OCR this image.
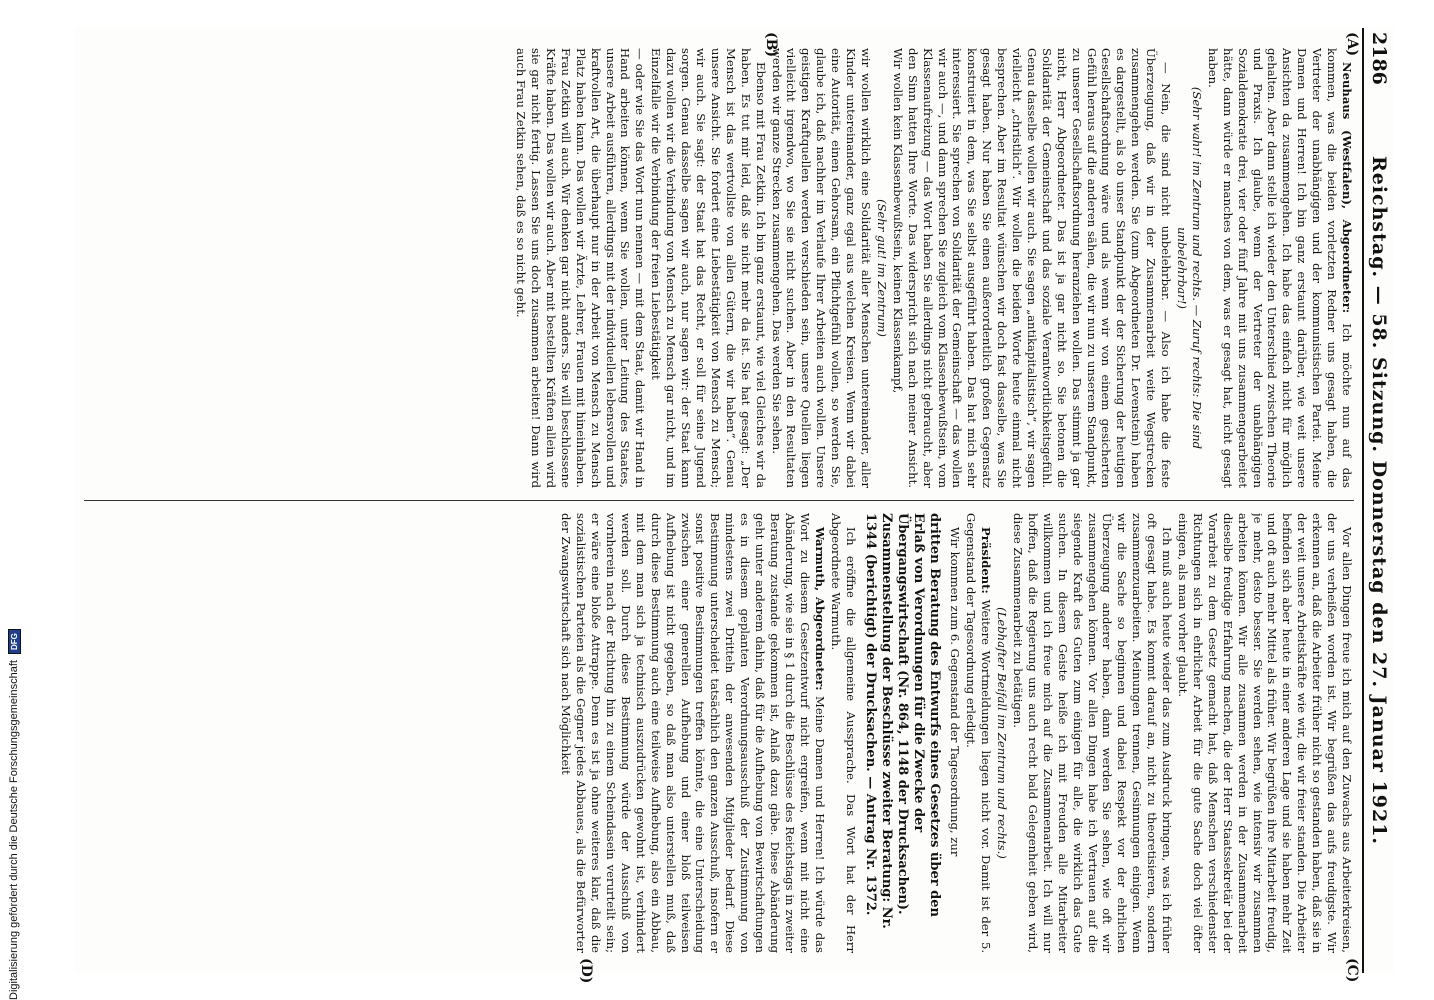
2186
Reichstag. — 58. Sitzung. Donnerstag den 27. Januar 1921.
(A)
(B)
(C)
(D)

Neuhaus (Westfalen), Abgeordneter: Ich möchte nun auf das kommen, was die beiden vorletzten Redner uns gesagt haben, die Vertreter der unabhängigen und der kommunistischen Partei. Meine Damen und Herren! Ich bin ganz erstaunt darüber, wie weit unsere Ansichten da zusammengehen. Ich habe das einfach nicht für möglich gehalten. Aber dann stelle ich wieder den Unterschied zwischen Theorie und Praxis. Ich glaube, wenn der Vertreter der unabhängigen Sozialdemokratie drei, vier oder fünf Jahre mit uns zusammengearbeitet hätte, dann würde er manches von dem, was er gesagt hat, nicht gesagt haben.

(Sehr wahr! im Zentrum und rechts. — Zuruf rechts: Die sind unbelehrbar!)

— Nein, die sind nicht unbelehrbar. — Also ich habe die feste Überzeugung, daß wir in der Zusammenarbeit weite Wegstrecken zusammengehen werden. Sie (zum Abgeordneten Dr. Levenstein) haben es dargestellt, als ob unser Standpunkt der der Sicherung der heutigen Gesellschaftsordnung wäre und als wenn wir von einem gesicherten Gefühl heraus auf die anderen sähen, die wir nun zu unserem Standpunkt, zu unserer Gesellschaftsordnung heranziehen wollen. Das stimmt ja gar nicht, Herr Abgeordneter. Das ist ja gar nicht so. Sie betonen die Solidarität der Gemeinschaft und das soziale Verantwortlichkeitsgefühl. Genau dasselbe wollen wir auch. Sie sagen „antikapitalistisch“, wir sagen vielleicht „christlich“. Wir wollen die beiden Worte heute einmal nicht besprechen. Aber im Resultat wünschen wir doch fast dasselbe, was Sie gesagt haben. Nur haben Sie einen außerordentlich großen Gegensatz konstruiert in dem, was Sie selbst ausgeführt haben. Das hat mich sehr interessiert. Sie sprechen von Solidarität der Gemeinschaft — das wollen wir auch —, und dann sprechen Sie zugleich vom Klassenbewußtsein, vom Klassenaufreizung — das Wort haben Sie allerdings nicht gebraucht, aber den Sinn hatten Ihre Worte. Das widerspricht sich nach meiner Ansicht. Wir wollen kein Klassenbewußtsein, keinen Klassenkampf,

(Sehr gut! im Zentrum)

wir wollen wirklich eine Solidarität aller Menschen untereinander, aller Kinder untereinander, ganz egal aus welchen Kreisen. Wenn wir dabei eine Autorität, einen Gehorsam, ein Pflichtgefühl wollen, so werden Sie, glaube ich, daß nachher im Verlaufe Ihrer Arbeiten auch wollen. Unsere geistigen Kraftquellen werden verschieden sein, unsere Quellen liegen vielleicht irgendwo, wo Sie sie nicht suchen. Aber in den Resultaten werden wir ganze Strecken zusammengehen. Das werden Sie sehen.

Ebenso mit Frau Zetkin. Ich bin ganz erstaunt, wie viel Gleiches wir da haben. Es tut mir leid, daß sie nicht mehr da ist. Sie hat gesagt: „Der Mensch ist das wertvollste von allen Gütern, die wir haben“. Genau unsere Ansicht. Sie fordert eine Liebestätigkeit von Mensch zu Mensch; wir auch. Sie sagt: der Staat hat das Recht, er soll für seine Jugend sorgen. Genau dasselbe sagen wir auch, nur sagen wir: der Staat kann dazu wollen wir die Verbindung von Mensch zu Mensch gar nicht, und im Einzelfalle wir die Verbindung der freien Liebestätigkeit

— oder wie Sie das Wort nun nennen — mit dem Staat, damit wir Hand in Hand arbeiten können, wenn Sie wollen, unter Leitung des Staates, unsere Arbeit ausführen, allerdings mit der individuellen lebensvollen und kraftvollen Art, die überhaupt nur in der Arbeit von Mensch zu Mensch Platz haben kann. Das wollen wir Ärzte, Lehrer, Frauen mit hineinhaben. Frau Zetkin will auch. Wir denken gar nicht anders. Sie will beschlossene Kräfte haben. Das wollen wir auch. Aber mit bestellten Kräften allein wird sie gar nicht fertig. Lassen Sie uns doch zusammen arbeiten! Dann wird auch Frau Zetkin sehen, daß es so nicht geht.

Vor allen Dingen freue ich mich auf den Zuwachs aus Arbeiterkreisen, der uns verheißen worden ist. Wir begrüßen das aufs freudigste. Wir erkennen an, daß die Arbeiter früher nicht so gestanden haben, daß sie in der weit unsere Arbeitskräfte wie wir, die wir freier standen. Die Arbeiter befinden sich aber heute in einer anderen Lage und sie haben mehr Zeit und oft auch mehr Mittel als früher. Wir begrüßen ihre Mitarbeit freudig, je mehr, desto besser. Sie werden sehen, wie intensiv wir zusammen arbeiten können. Wir alle zusammen werden in der Zusammenarbeit dieselbe freudige Erfahrung machen, die der Herr Staatssekretär bei der Vorarbeit zu dem Gesetz gemacht hat, daß Menschen verschiedenster Richtungen sich in ehrlicher Arbeit für die gute Sache doch viel öfter einigen, als man vorher glaubt.

Ich muß auch heute wieder das zum Ausdruck bringen, was ich früher oft gesagt habe. Es kommt darauf an, nicht zu theoretisieren, sondern zusammenzuarbeiten. Meinungen trennen, Gesinnungen einigen. Wenn wir die Sache so beginnen und dabei Respekt vor der ehrlichen Überzeugung anderer haben, dann werden Sie sehen, wie oft wir zusammengehen können. Vor allen Dingen habe ich Vertrauen auf die siegende Kraft des Guten zum einigen für alle, die wirklich das Gute suchen. In diesem Geiste heiße ich mit Freuden alle Mitarbeiter willkommen und ich freue mich auf die Zusammenarbeit. Ich will nur hoffen, daß die Regierung uns auch recht bald Gelegenheit geben wird, diese Zusammenarbeit zu betätigen.

(Lebhafter Beifall im Zentrum und rechts.)

Präsident: Weitere Wortmeldungen liegen nicht vor. Damit ist der 5. Gegenstand der Tagesordnung erledigt.

Wir kommen zum 6. Gegenstand der Tagesordnung, zur

dritten Beratung des Entwurfs eines Gesetzes über den Erlaß von Verordnungen für die Zwecke der Übergangswirtschaft (Nr. 864, 1148 der Drucksachen). Zusammenstellung der Beschlüsse zweiter Beratung: Nr. 1344 (berichtigt) der Drucksachen. — Antrag Nr. 1372.

Ich eröffne die allgemeine Aussprache. Das Wort hat der Herr Abgeordnete Warmuth.

Warmuth, Abgeordneter: Meine Damen und Herren! Ich würde das Wort zu diesem Gesetzentwurf nicht ergreifen, wenn mit nicht eine Abänderung, wie sie in § 1 durch die Beschlüsse des Reichstags in zweiter Beratung zustande gekommen ist, Anlaß dazu gäbe. Diese Abänderung geht unter anderem dahin, daß für die Aufhebung von Bewirtschaftungen es in diesem geplanten Verordnungsausschuß der Zustimmung von mindestens zwei Dritteln der anwesenden Mitglieder bedarf. Diese Bestimmung unterscheidet tatsächlich den ganzen Ausschuß, insofern er sonst positive Bestimmungen treffen könnte, die eine Unterscheidung zwischen einer generellen Aufhebung und einer bloß teilweisen Aufhebung ist nicht gegeben, so daß man also unterstellen muß, daß durch diese Bestimmung auch eine teilweise Aufhebung, also ein Abbau, mit dem man sich ja technisch auszudrücken gewohnt ist, verhindert werden soll. Durch diese Bestimmung würde der Ausschuß von vornherein nach der Richtung hin zu einem Scheindasein verurteilt sein; er wäre eine bloße Attrappe. Denn es ist ja ohne weiteres klar, daß die sozialistischen Parteien als die Gegner jedes Abbaues, als die Befürworter der Zwangswirtschaft sich nach Möglichkeit

Digitalisierung gefördert durch die Deutsche Forschungsgemeinschaft
DFG
